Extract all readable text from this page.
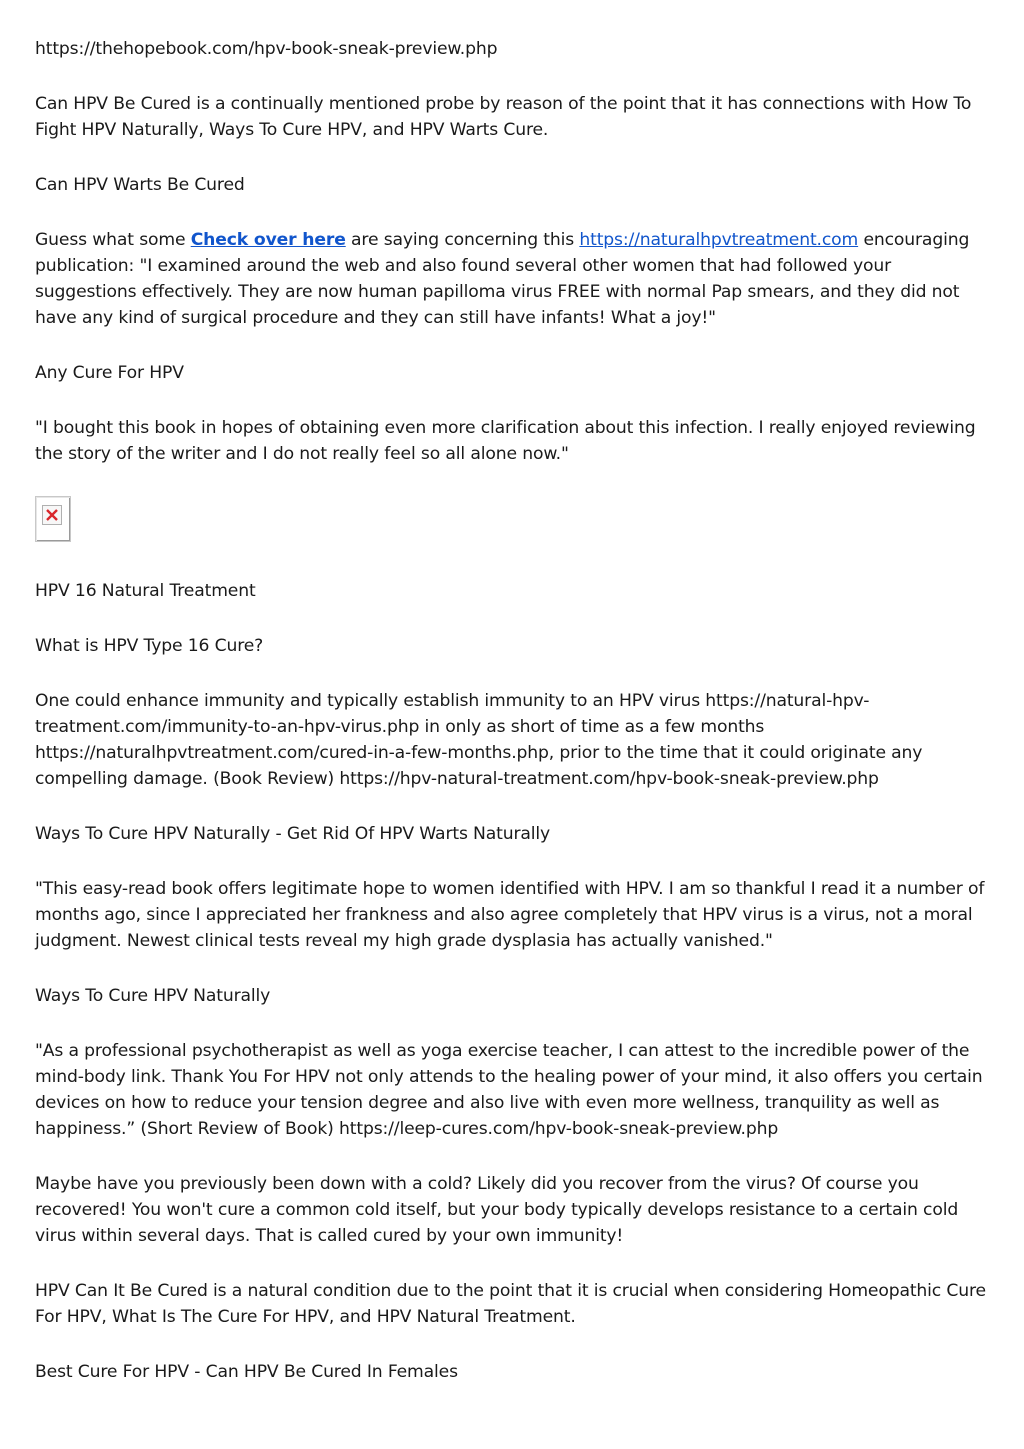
https://thehopebook.com/hpv-book-sneak-preview.php

Can HPV Be Cured is a continually mentioned probe by reason of the point that it has connections with How To Fight HPV Naturally, Ways To Cure HPV, and HPV Warts Cure.

Can HPV Warts Be Cured

Guess what some Check over here are saying concerning this https://naturalhpvtreatment.com encouraging publication: "I examined around the web and also found several other women that had followed your suggestions effectively. They are now human papilloma virus FREE with normal Pap smears, and they did not have any kind of surgical procedure and they can still have infants! What a joy!"

Any Cure For HPV

"I bought this book in hopes of obtaining even more clarification about this infection. I really enjoyed reviewing the story of the writer and I do not really feel so all alone now."

HPV 16 Natural Treatment

What is HPV Type 16 Cure?

One could enhance immunity and typically establish immunity to an HPV virus https://natural-hpv-treatment.com/immunity-to-an-hpv-virus.php in only as short of time as a few months https://naturalhpvtreatment.com/cured-in-a-few-months.php, prior to the time that it could originate any compelling damage. (Book Review) https://hpv-natural-treatment.com/hpv-book-sneak-preview.php

Ways To Cure HPV Naturally - Get Rid Of HPV Warts Naturally

"This easy-read book offers legitimate hope to women identified with HPV. I am so thankful I read it a number of months ago, since I appreciated her frankness and also agree completely that HPV virus is a virus, not a moral judgment. Newest clinical tests reveal my high grade dysplasia has actually vanished."

Ways To Cure HPV Naturally

"As a professional psychotherapist as well as yoga exercise teacher, I can attest to the incredible power of the mind-body link. Thank You For HPV not only attends to the healing power of your mind, it also offers you certain devices on how to reduce your tension degree and also live with even more wellness, tranquility as well as happiness.” (Short Review of Book) https://leep-cures.com/hpv-book-sneak-preview.php

Maybe have you previously been down with a cold? Likely did you recover from the virus? Of course you recovered! You won't cure a common cold itself, but your body typically develops resistance to a certain cold virus within several days. That is called cured by your own immunity!

HPV Can It Be Cured is a natural condition due to the point that it is crucial when considering Homeopathic Cure For HPV, What Is The Cure For HPV, and HPV Natural Treatment.

Best Cure For HPV - Can HPV Be Cured In Females
